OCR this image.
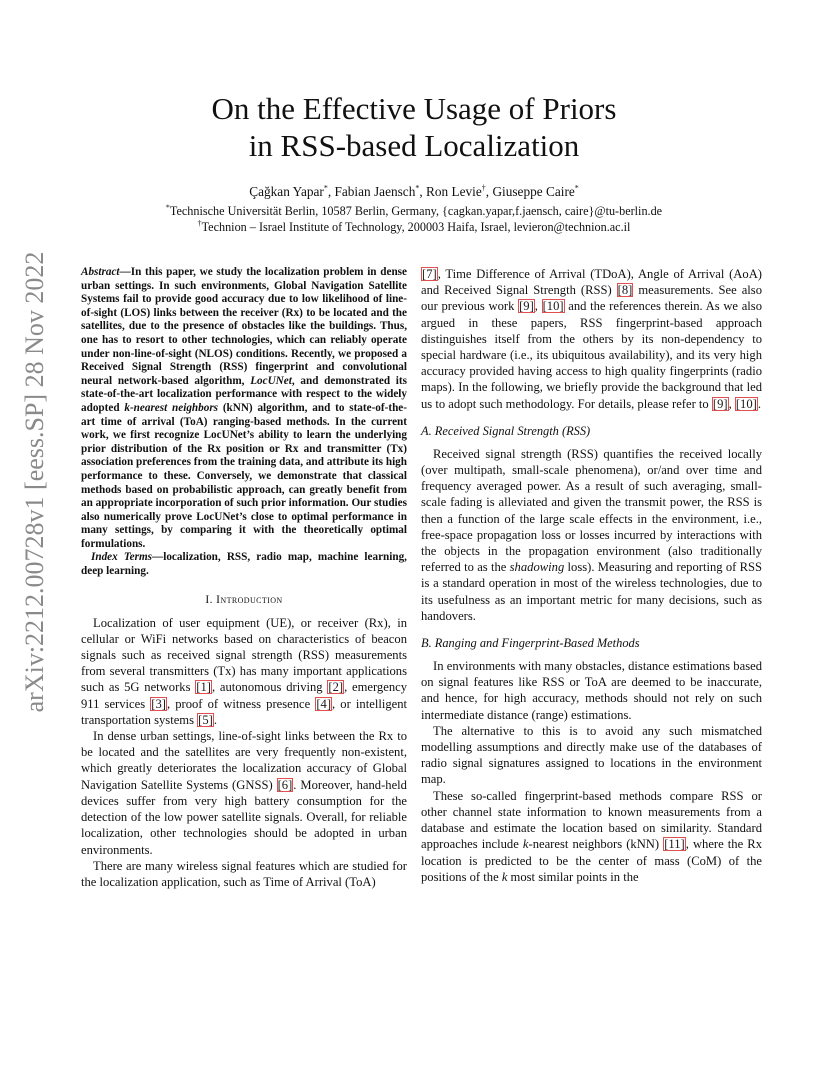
On the Effective Usage of Priors
in RSS-based Localization
Çağkan Yapar*, Fabian Jaensch*, Ron Levie†, Giuseppe Caire*
*Technische Universität Berlin, 10587 Berlin, Germany, {cagkan.yapar,f.jaensch, caire}@tu-berlin.de
†Technion – Israel Institute of Technology, 200003 Haifa, Israel, levieron@technion.ac.il
arXiv:2212.00728v1 [eess.SP] 28 Nov 2022	Abstract—In this paper, we study the localization problem in dense urban settings. In such environments, Global Navigation Satellite Systems fail to provide good accuracy due to low likelihood of line-of-sight (LOS) links between the receiver (Rx) to be located and the satellites, due to the presence of obstacles like the buildings. Thus, one has to resort to other technologies, which can reliably operate under non-line-of-sight (NLOS) conditions. Recently, we proposed a Received Signal Strength (RSS) fingerprint and convolutional neural network-based algorithm, LocUNet, and demonstrated its state-of-the-art localization performance with respect to the widely adopted k-nearest neighbors (kNN) algorithm, and to state-of-the-art time of arrival (ToA) ranging-based methods. In the current work, we first recognize LocUNet’s ability to learn the underlying prior distribution of the Rx position or Rx and transmitter (Tx) association preferences from the training data, and attribute its high performance to these. Conversely, we demonstrate that classical methods based on probabilistic approach, can greatly benefit from an appropriate incorporation of such prior information. Our studies also numerically prove LocUNet’s close to optimal performance in many settings, by comparing it with the theoretically optimal formulations.

Index Terms—localization, RSS, radio map, machine learning, deep learning.

I. Introduction

Localization of user equipment (UE), or receiver (Rx), in cellular or WiFi networks based on characteristics of beacon signals such as received signal strength (RSS) measurements from several transmitters (Tx) has many important applications such as 5G networks [1], autonomous driving [2], emergency 911 services [3], proof of witness presence [4], or intelligent transportation systems [5].

In dense urban settings, line-of-sight links between the Rx to be located and the satellites are very frequently non-existent, which greatly deteriorates the localization accuracy of Global Navigation Satellite Systems (GNSS) [6]. Moreover, hand-held devices suffer from very high battery consumption for the detection of the low power satellite signals. Overall, for reliable localization, other technologies should be adopted in urban environments.

There are many wireless signal features which are studied for the localization application, such as Time of Arrival (ToA)

[7], Time Difference of Arrival (TDoA), Angle of Arrival (AoA) and Received Signal Strength (RSS) [8] measurements. See also our previous work [9], [10] and the references therein. As we also argued in these papers, RSS fingerprint-based approach distinguishes itself from the others by its non-dependency to special hardware (i.e., its ubiquitous availability), and its very high accuracy provided having access to high quality fingerprints (radio maps). In the following, we briefly provide the background that led us to adopt such methodology. For details, please refer to [9], [10].

A. Received Signal Strength (RSS)

Received signal strength (RSS) quantifies the received locally (over multipath, small-scale phenomena), or/and over time and frequency averaged power. As a result of such averaging, small-scale fading is alleviated and given the transmit power, the RSS is then a function of the large scale effects in the environment, i.e., free-space propagation loss or losses incurred by interactions with the objects in the propagation environment (also traditionally referred to as the shadowing loss). Measuring and reporting of RSS is a standard operation in most of the wireless technologies, due to its usefulness as an important metric for many decisions, such as handovers.

B. Ranging and Fingerprint-Based Methods

In environments with many obstacles, distance estimations based on signal features like RSS or ToA are deemed to be inaccurate, and hence, for high accuracy, methods should not rely on such intermediate distance (range) estimations.

The alternative to this is to avoid any such mismatched modelling assumptions and directly make use of the databases of radio signal signatures assigned to locations in the environment map.

These so-called fingerprint-based methods compare RSS or other channel state information to known measurements from a database and estimate the location based on similarity. Standard approaches include k-nearest neighbors (kNN) [11], where the Rx location is predicted to be the center of mass (CoM) of the positions of the k most similar points in the
